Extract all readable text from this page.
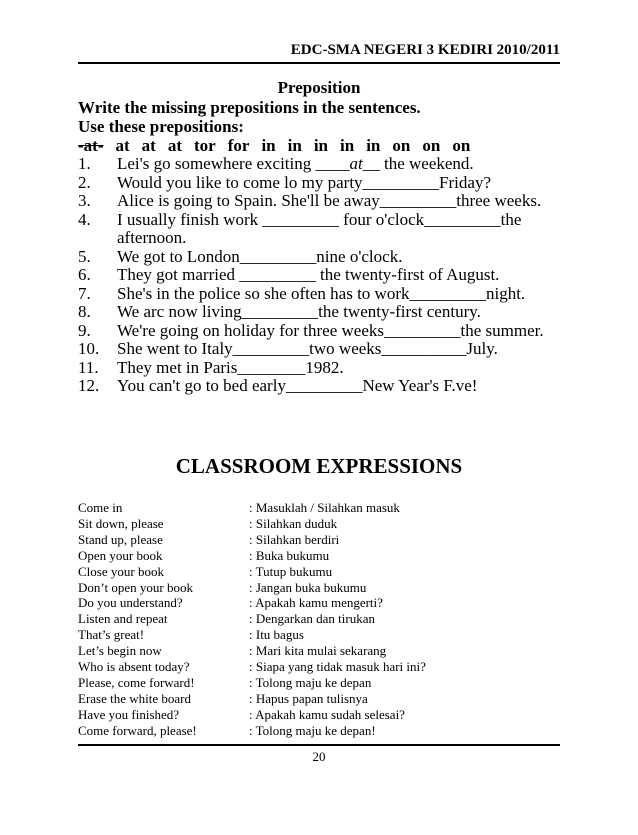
EDC-SMA NEGERI 3 KEDIRI 2010/2011
Preposition
Write the missing prepositions in the sentences.
Use these prepositions:
-at- at at at tor for in in in in in on on on
1.	Lei's go somewhere exciting ____at__ the weekend.
2.	Would you like to come lo my party_________Friday?
3.	Alice is going to Spain. She'll be away_________three weeks.
4.	I usually finish work _________ four o'clock_________the afternoon.
5.	We got to London_________nine o'clock.
6.	They got married _________ the twenty-first of August.
7.	She's in the police so she often has to work_________night.
8.	We arc now living_________the twenty-first century.
9.	We're going on holiday for three weeks_________the summer.
10.	She went to Italy_________two weeks__________July.
11.	They met in Paris________1982.
12.	You can't go to bed early_________New Year's F.ve!
CLASSROOM EXPRESSIONS
Come in	: Masuklah / Silahkan masuk
Sit down, please	: Silahkan duduk
Stand up, please	: Silahkan berdiri
Open your book	: Buka bukumu
Close your book	: Tutup bukumu
Don’t open your book	: Jangan buka bukumu
Do you understand?	: Apakah kamu mengerti?
Listen and repeat	: Dengarkan dan tirukan
That’s great!	: Itu bagus
Let’s begin now	: Mari kita mulai sekarang
Who is absent today?	: Siapa yang tidak masuk hari ini?
Please, come forward!	: Tolong maju ke depan
Erase the white board	: Hapus papan tulisnya
Have you finished?	: Apakah kamu sudah selesai?
Come forward, please!	: Tolong maju ke depan!
20
